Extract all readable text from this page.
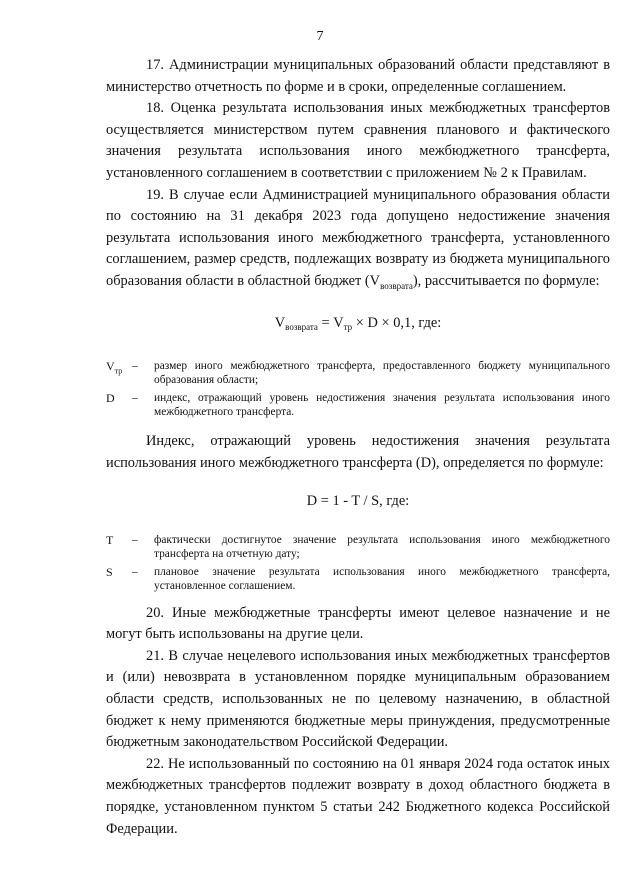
7

17. Администрации муниципальных образований области представляют в министерство отчетность по форме и в сроки, определенные соглашением.

18. Оценка результата использования иных межбюджетных трансфертов осуществляется министерством путем сравнения планового и фактического значения результата использования иного межбюджетного трансферта, установленного соглашением в соответствии с приложением № 2 к Правилам.

19. В случае если Администрацией муниципального образования области по состоянию на 31 декабря 2023 года допущено недостижение значения результата использования иного межбюджетного трансферта, установленного соглашением, размер средств, подлежащих возврату из бюджета муниципального образования области в областной бюджет $(V_{возврата})$, рассчитывается по формуле:

$V_{возврата} = V_{тр} \times D \times 0,1$, где:
$V_{тр}$ – размер иного межбюджетного трансферта, предоставленного бюджету муниципального образования области;
D – индекс, отражающий уровень недостижения значения результата использования иного межбюджетного трансферта.

Индекс, отражающий уровень недостижения значения результата использования иного межбюджетного трансферта (D), определяется по формуле:

D = 1 - T / S, где:
T – фактически достигнутое значение результата использования иного межбюджетного трансферта на отчетную дату;
S – плановое значение результата использования иного межбюджетного трансферта, установленное соглашением.

20. Иные межбюджетные трансферты имеют целевое назначение и не могут быть использованы на другие цели.

21. В случае нецелевого использования иных межбюджетных трансфертов и (или) невозврата в установленном порядке муниципальным образованием области средств, использованных не по целевому назначению, в областной бюджет к нему применяются бюджетные меры принуждения, предусмотренные бюджетным законодательством Российской Федерации.

22. Не использованный по состоянию на 01 января 2024 года остаток иных межбюджетных трансфертов подлежит возврату в доход областного бюджета в порядке, установленном пунктом 5 статьи 242 Бюджетного кодекса Российской Федерации.
